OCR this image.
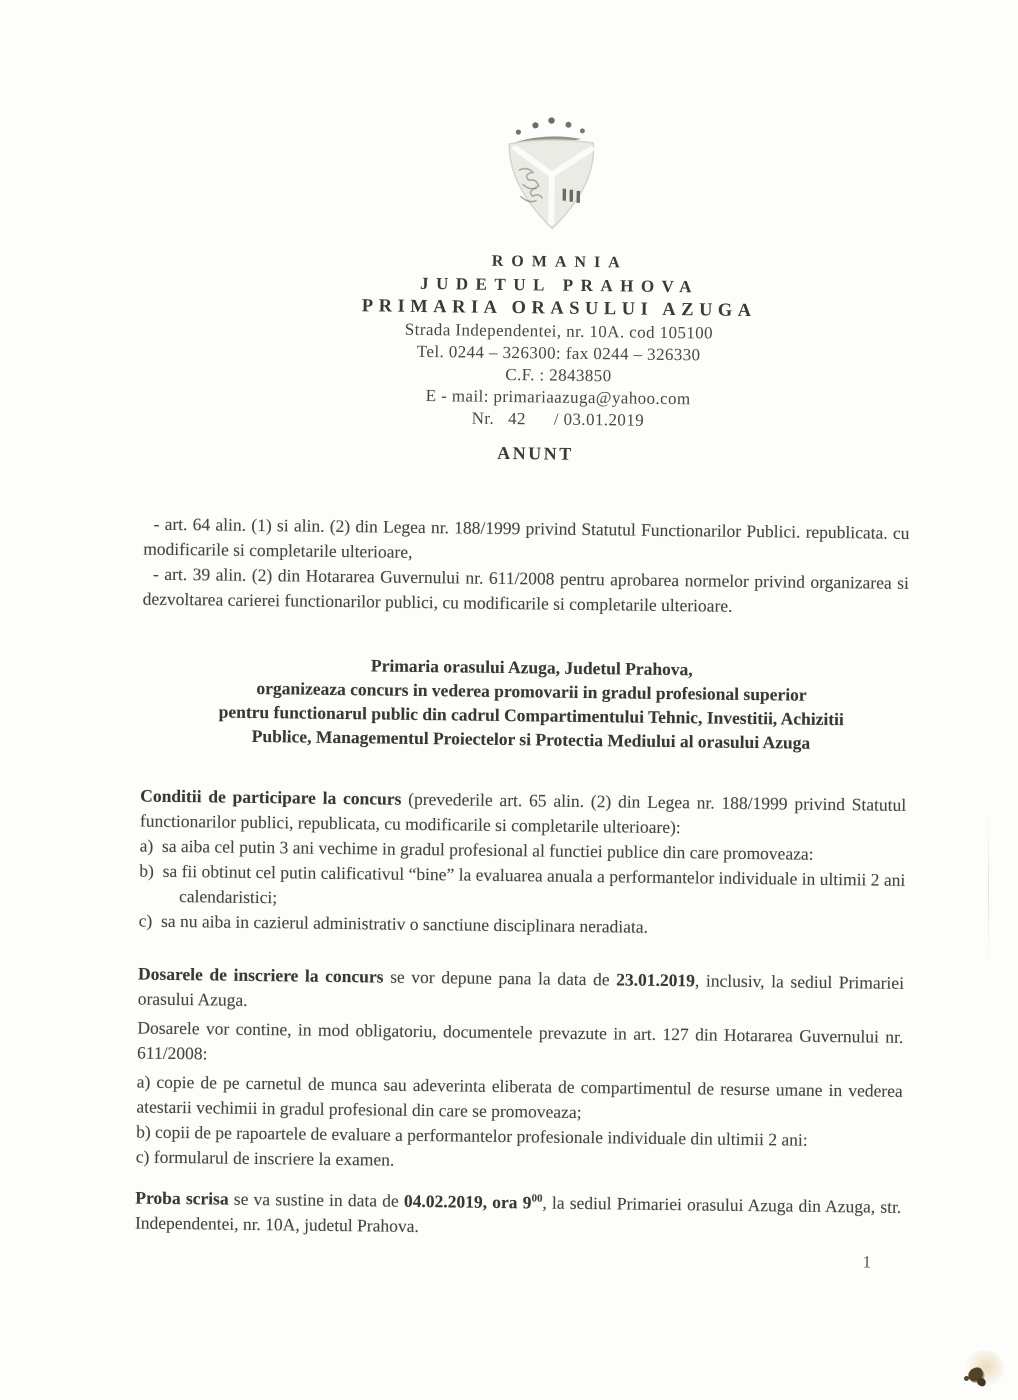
ROMANIA
JUDETUL PRAHOVA
PRIMARIA ORASULUI AZUGA
Strada Independentei, nr. 10A. cod 105100
Tel. 0244 – 326300: fax 0244 – 326330
C.F. : 2843850
E - mail: primariaazuga@yahoo.com
Nr.   42      / 03.01.2019
ANUNT

- art. 64 alin. (1) si alin. (2) din Legea nr. 188/1999 privind Statutul Functionarilor Publici. republicata. cu modificarile si completarile ulterioare,

- art. 39 alin. (2) din Hotararea Guvernului nr. 611/2008 pentru aprobarea normelor privind organizarea si dezvoltarea carierei functionarilor publici, cu modificarile si completarile ulterioare.

Primaria orasului Azuga, Judetul Prahova,
organizeaza concurs in vederea promovarii in gradul profesional superior
pentru functionarul public din cadrul Compartimentului Tehnic, Investitii, Achizitii
Publice, Managementul Proiectelor si Protectia Mediului al orasului Azuga

Conditii de participare la concurs (prevederile art. 65 alin. (2) din Legea nr. 188/1999 privind Statutul functionarilor publici, republicata, cu modificarile si completarile ulterioare):

a)  sa aiba cel putin 3 ani vechime in gradul profesional al functiei publice din care promoveaza:

b)  sa fii obtinut cel putin calificativul “bine” la evaluarea anuala a performantelor individuale in ultimii 2 ani calendaristici;

c)  sa nu aiba in cazierul administrativ o sanctiune disciplinara neradiata.

Dosarele de inscriere la concurs se vor depune pana la data de 23.01.2019, inclusiv, la sediul Primariei orasului Azuga.

Dosarele vor contine, in mod obligatoriu, documentele prevazute in art. 127 din Hotararea Guvernului nr. 611/2008:

a) copie de pe carnetul de munca sau adeverinta eliberata de compartimentul de resurse umane in vederea atestarii vechimii in gradul profesional din care se promoveaza;

b) copii de pe rapoartele de evaluare a performantelor profesionale individuale din ultimii 2 ani:

c) formularul de inscriere la examen.

Proba scrisa se va sustine in data de 04.02.2019, ora $9^{00}$, la sediul Primariei orasului Azuga din Azuga, str. Independentei, nr. 10A, judetul Prahova.

1
